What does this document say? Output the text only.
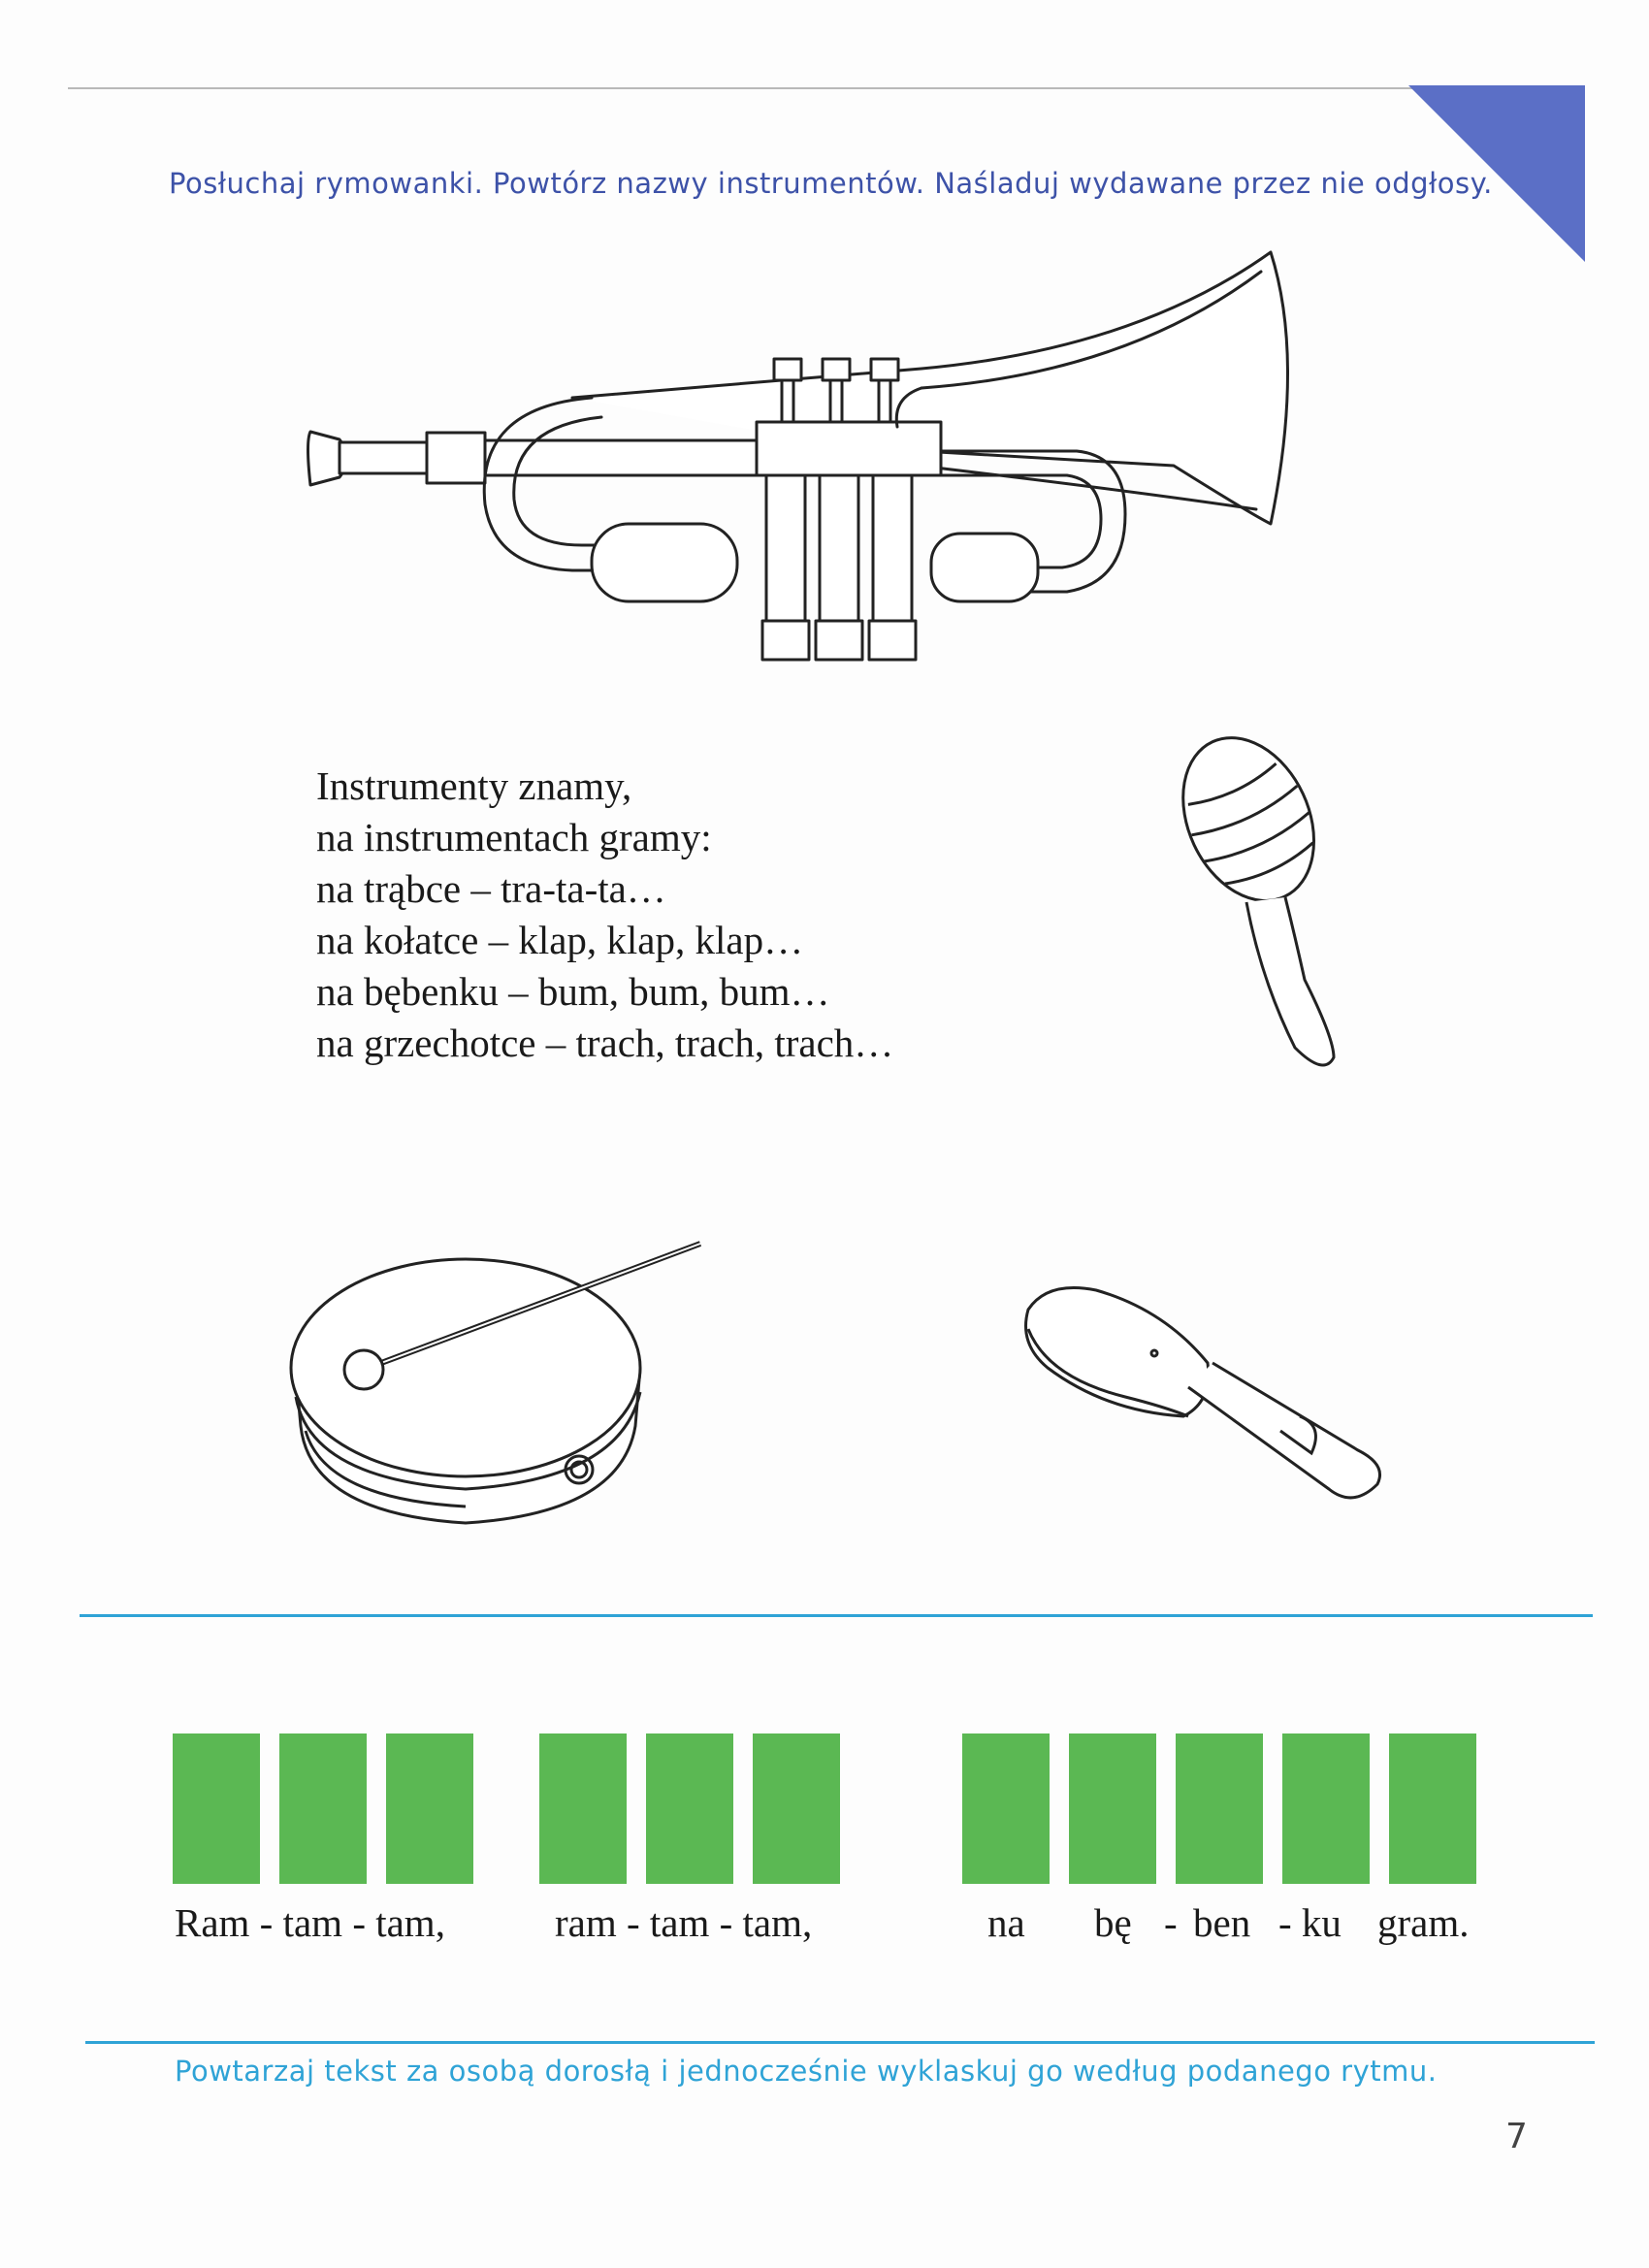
Posłuchaj rymowanki. Powtórz nazwy instrumentów. Naśladuj wydawane przez nie odgłosy.
Instrumenty znamy,
na instrumentach gramy:
na trąbce – tra-ta-ta…
na kołatce – klap, klap, klap…
na bębenku – bum, bum, bum…
na grzechotce – trach, trach, trach…
Ram - tam - tam,	ram - tam - tam,	na bę - ben - ku gram.
Powtarzaj tekst za osobą dorosłą i jednocześnie wyklaskuj go według podanego rytmu.
7
